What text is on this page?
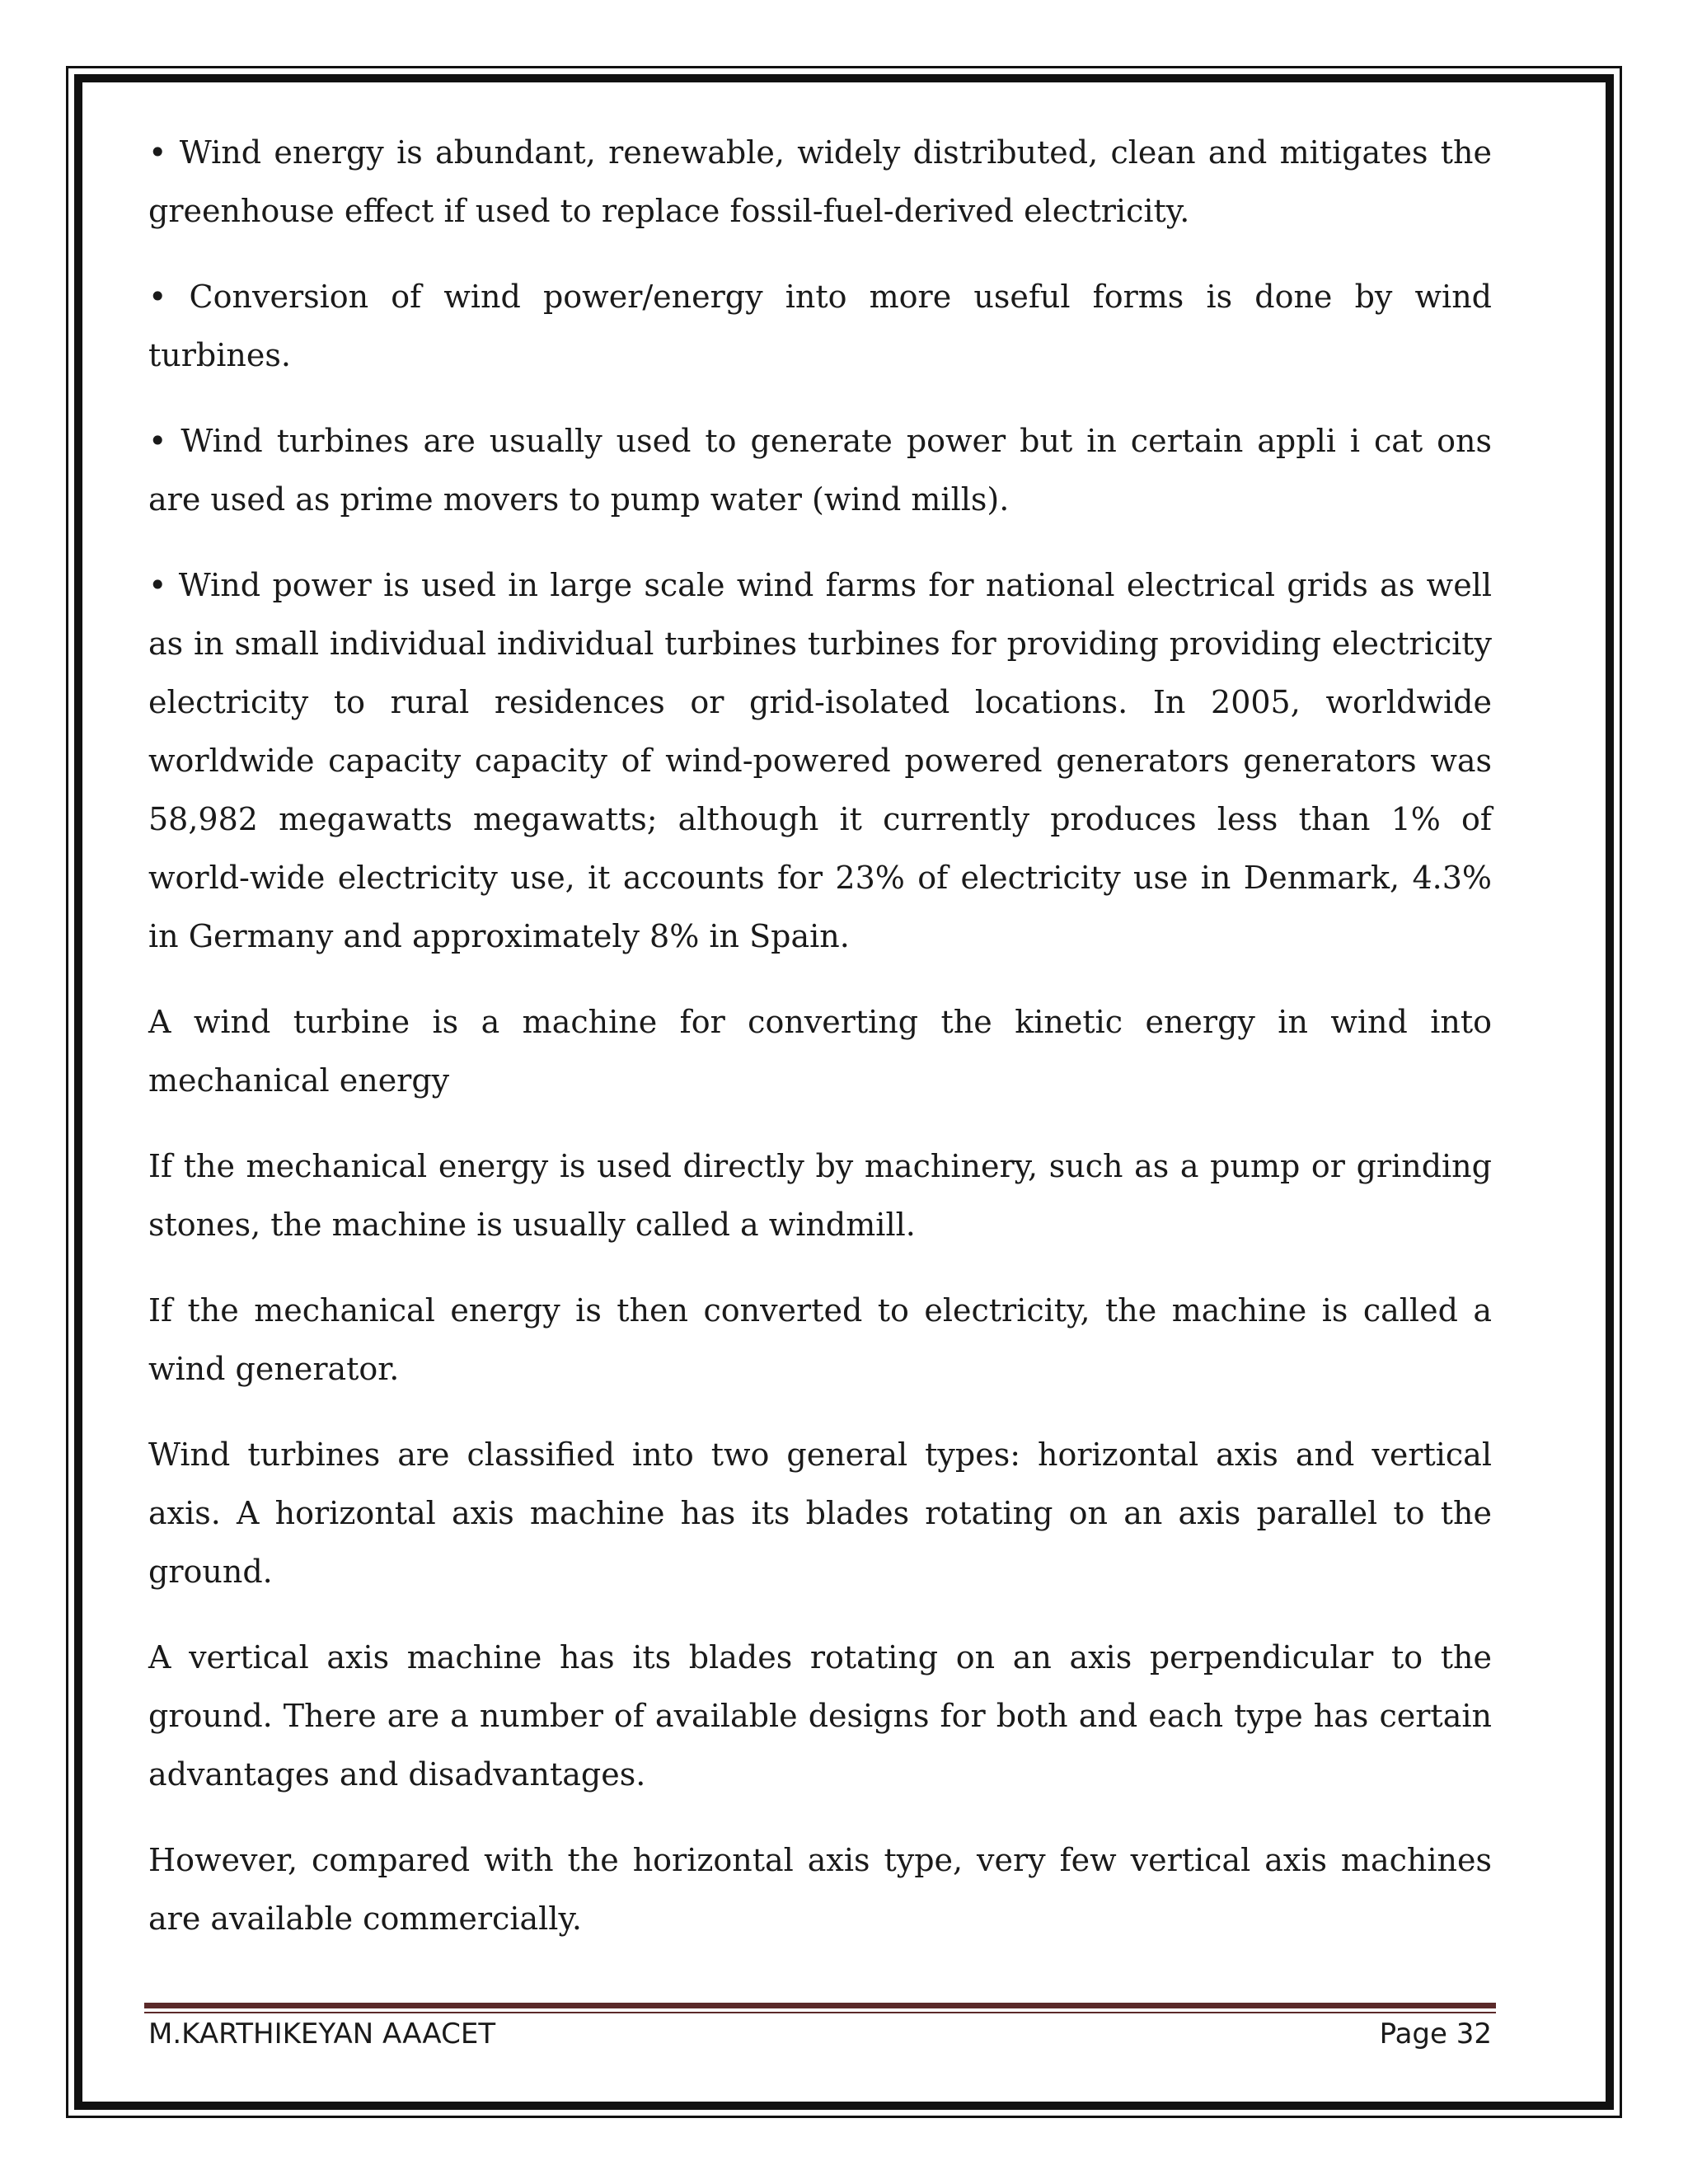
• Wind energy is abundant, renewable, widely distributed, clean and mitigates the greenhouse effect if used to replace fossil-fuel-derived electricity.

• Conversion of wind power/energy into more useful forms is done by wind turbines.

• Wind turbines are usually used to generate power but in certain appli i cat ons are used as prime movers to pump water (wind mills).

• Wind power is used in large scale wind farms for national electrical grids as well as in small individual individual turbines turbines for providing providing electricity electricity to rural residences or grid-isolated locations. In 2005, worldwide worldwide capacity capacity of wind-powered powered generators generators was 58,982 megawatts megawatts; although it currently produces less than 1% of world-wide electricity use, it accounts for 23% of electricity use in Denmark, 4.3% in Germany and approximately 8% in Spain.

A wind turbine is a machine for converting the kinetic energy in wind into mechanical energy

If the mechanical energy is used directly by machinery, such as a pump or grinding stones, the machine is usually called a windmill.

If the mechanical energy is then converted to electricity, the machine is called a wind generator.

Wind turbines are classified into two general types: horizontal axis and vertical axis. A horizontal axis machine has its blades rotating on an axis parallel to the ground.

A vertical axis machine has its blades rotating on an axis perpendicular to the ground. There are a number of available designs for both and each type has certain advantages and disadvantages.

However, compared with the horizontal axis type, very few vertical axis machines are available commercially.

M.KARTHIKEYAN AAACET	Page 32
